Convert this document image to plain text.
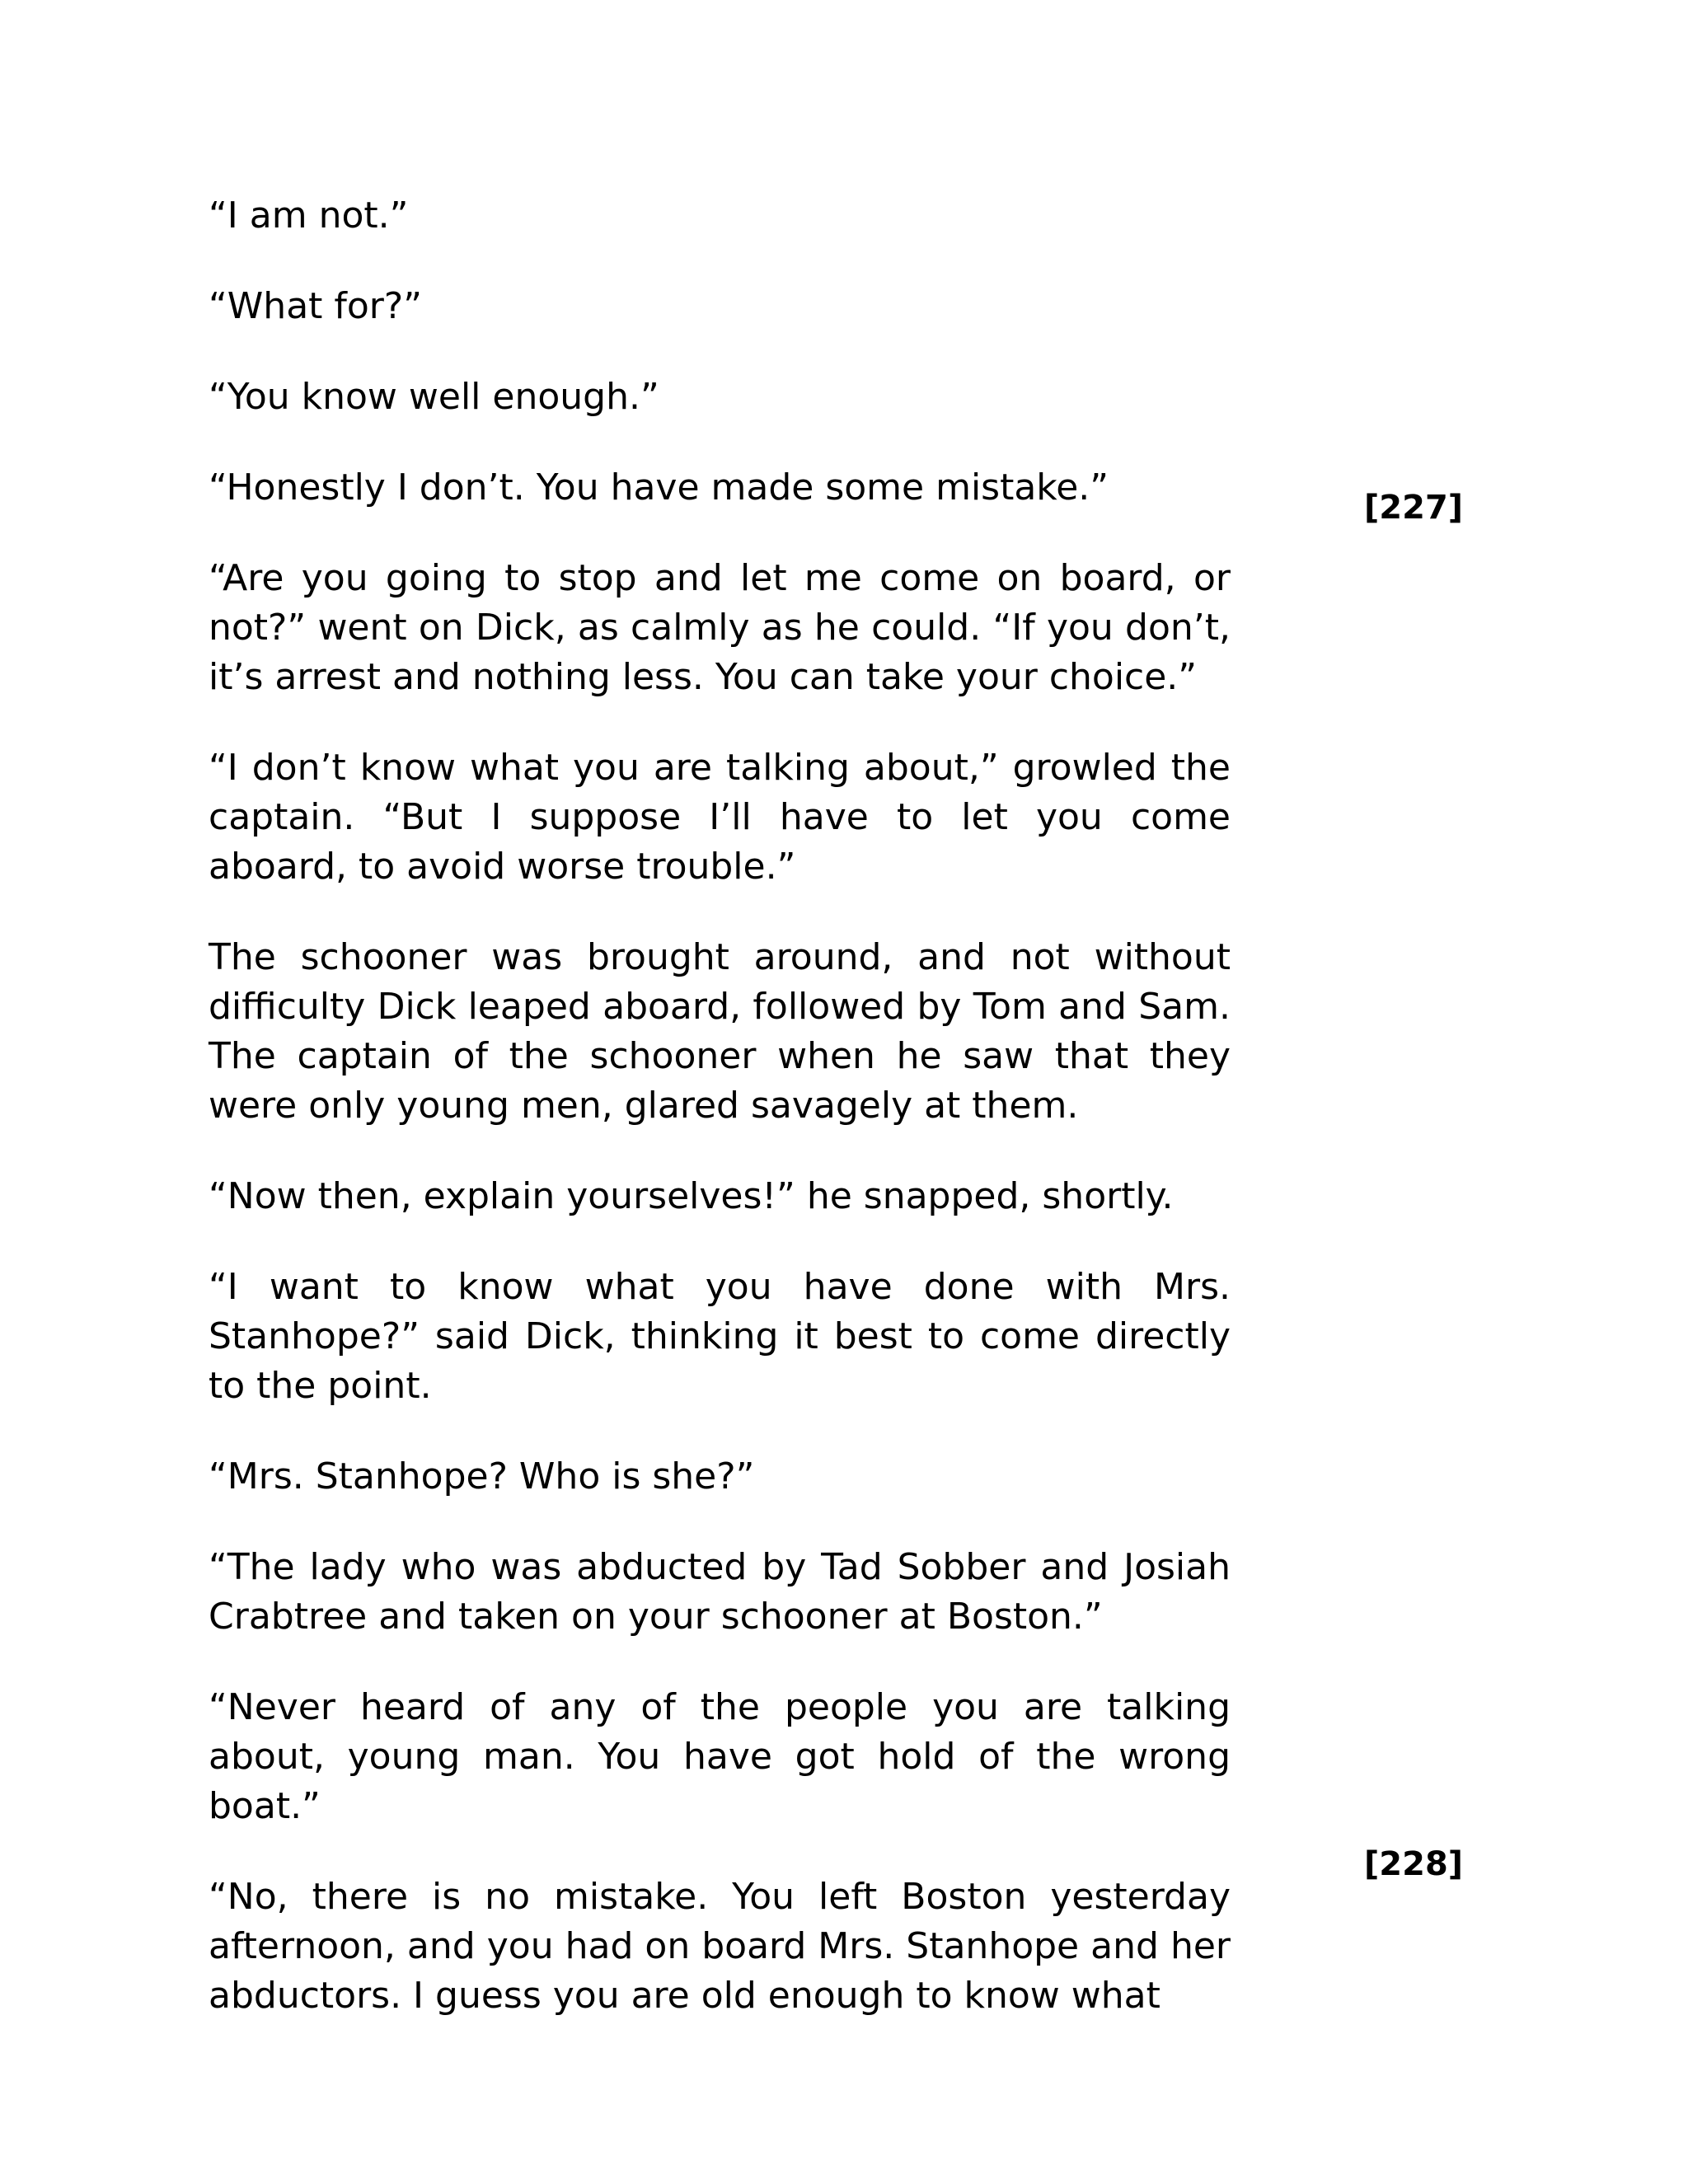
“I am not.”

“What for?”

“You know well enough.”

“Honestly I don’t. You have made some mistake.”

“Are you going to stop and let me come on board, or not?” went on Dick, as calmly as he could. “If you don’t, it’s arrest and nothing less. You can take your choice.”

“I don’t know what you are talking about,” growled the captain. “But I suppose I’ll have to let you come aboard, to avoid worse trouble.”

The schooner was brought around, and not without difficulty Dick leaped aboard, followed by Tom and Sam. The captain of the schooner when he saw that they were only young men, glared savagely at them.

“Now then, explain yourselves!” he snapped, shortly.

“I want to know what you have done with Mrs. Stanhope?” said Dick, thinking it best to come directly to the point.

“Mrs. Stanhope? Who is she?”

“The lady who was abducted by Tad Sobber and Josiah Crabtree and taken on your schooner at Boston.”

“Never heard of any of the people you are talking about, young man. You have got hold of the wrong boat.”

“No, there is no mistake. You left Boston yesterday afternoon, and you had on board Mrs. Stanhope and her abductors. I guess you are old enough to know what

[227]
[228]
